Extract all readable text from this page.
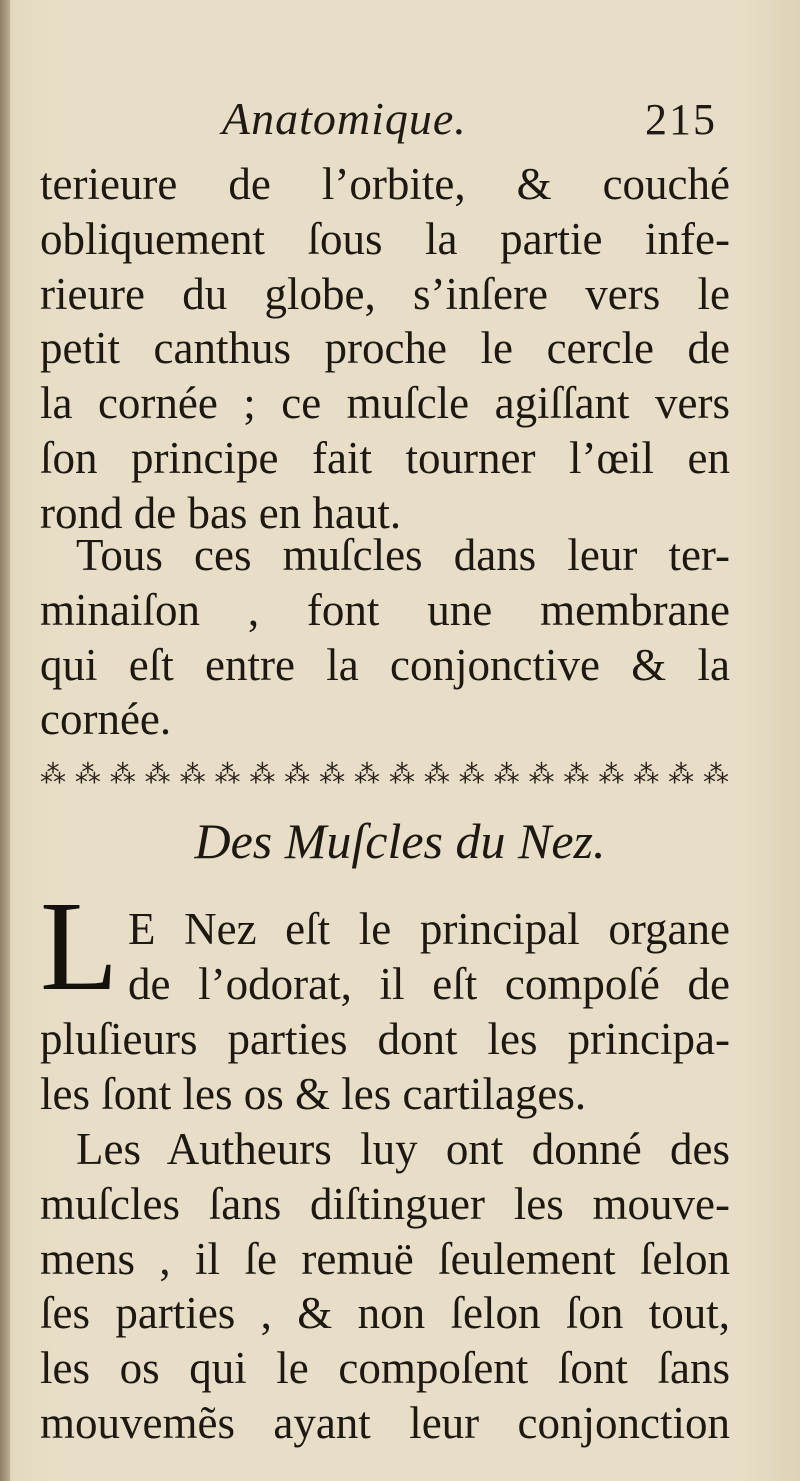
Anatomique.	215
terieure de l’orbite, & couché
obliquement ſous la partie infe-
rieure du globe, s’inſere vers le
petit canthus proche le cercle de
la cornée ; ce muſcle agiſſant vers
ſon principe fait tourner l’œil en
rond de bas en haut.
Tous ces muſcles dans leur ter-
minaiſon , font une membrane
qui eſt entre la conjonctive & la
cornée.
⁂⁂⁂⁂⁂⁂⁂⁂⁂⁂⁂⁂⁂⁂⁂⁂⁂⁂⁂⁂
Des Muſcles du Nez.
L E Nez eſt le principal organe
de l’odorat, il eſt compoſé de
pluſieurs parties dont les principa-
les ſont les os & les cartilages.
Les Autheurs luy ont donné des
muſcles ſans diſtinguer les mouve-
mens , il ſe remuë ſeulement ſelon
ſes parties , & non ſelon ſon tout,
les os qui le compoſent ſont ſans
mouvemẽs ayant leur conjonction
